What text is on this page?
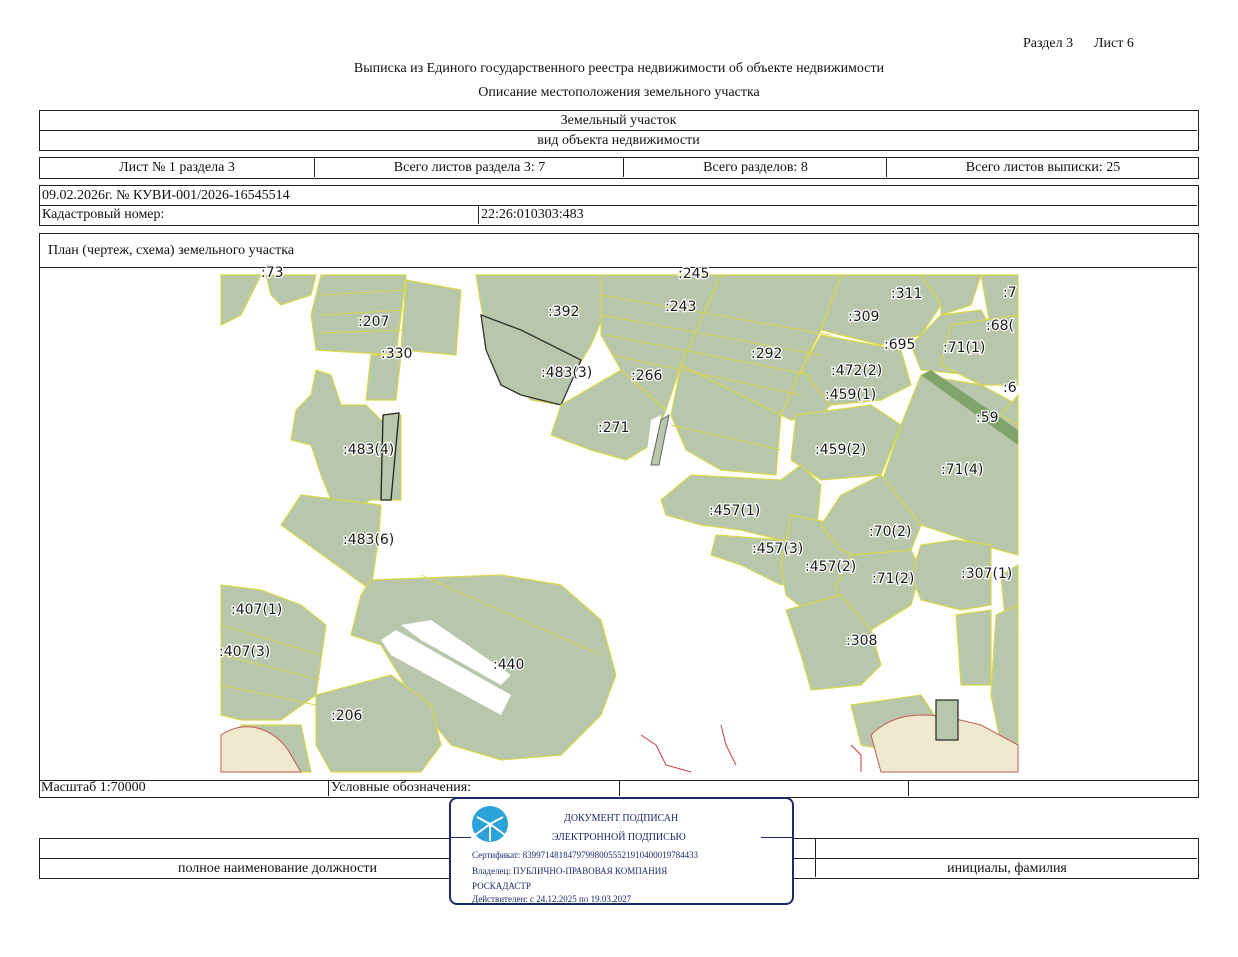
Раздел 3 Лист 6
Выписка из Единого государственного реестра недвижимости об объекте недвижимости
Описание местоположения земельного участка
Земельный участок
вид объекта недвижимости
Лист № 1 раздела 3	Всего листов раздела 3: 7	Всего разделов: 8	Всего листов выписки: 25
09.02.2026г. № КУВИ-001/2026-16545514
Кадастровый номер:	22:26:010303:483
План (чертеж, схема) земельного участка
:73
:207
:330
:392	:243
:245
:309
:311	:7
:68(
:695 :71(1)
:483(3)	:266
:292
:472(2)
:459(1)	:6
:271
:59
:483(4)	:459(2)
:71(4)
:457(1)
:483(6)	:70(2)
:457(3)
:457(2)
:71(2)	:307(1)
:407(1)
:407(3)
:308
:440
:206
Масштаб 1:70000	Условные обозначения:
полное наименование должности	инициалы, фамилия
ДОКУМЕНТ ПОДПИСАН
ЭЛЕКТРОННОЙ ПОДПИСЬЮ
Сертификат: 839971481847979980055521910400019784433
Владелец: ПУБЛИЧНО-ПРАВОВАЯ КОМПАНИЯ
РОСКАДАСТР
Действителен: с 24.12.2025 по 19.03.2027
